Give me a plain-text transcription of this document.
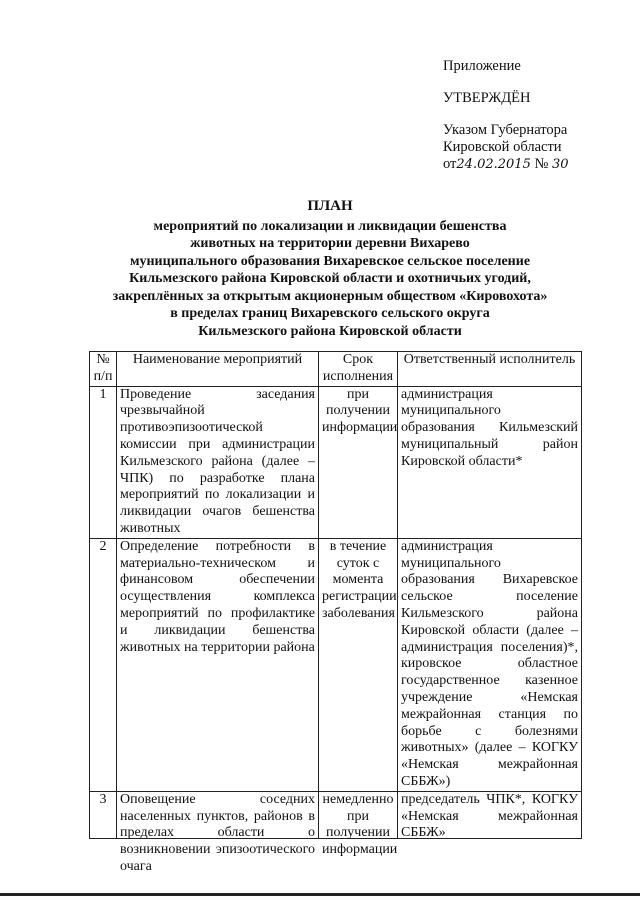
Приложение
УТВЕРЖДЁН
Указом Губернатора
Кировской области
от24.02.2015 № 30
ПЛАН
мероприятий по локализации и ликвидации бешенства
животных на территории деревни Вихарево
муниципального образования Вихаревское сельское поселение
Кильмезского района Кировской области и охотничьих угодий,
закреплённых за открытым акционерным обществом «Кировохота»
в пределах границ Вихаревского сельского округа
Кильмезского района Кировской области
№ п/п	Наименование мероприятий	Срок исполнения	Ответственный исполнитель
1	Проведение заседания чрезвычайной противоэпизоотической комиссии при администрации Кильмезского района (далее – ЧПК) по разработке плана мероприятий по локализации и ликвидации очагов бешенства животных	при получении информации	администрация муниципального образования Кильмезский муниципальный район Кировской области*
2	Определение потребности в материально-техническом и финансовом обеспечении осуществления комплекса мероприятий по профилактике и ликвидации бешенства животных на территории района	в течение суток с момента регистрации заболевания	администрация муниципального образования Вихаревское сельское поселение Кильмезского района Кировской области (далее – администрация поселения)*, кировское областное государственное казенное учреждение «Немская межрайонная станция по борьбе с болезнями животных» (далее – КОГКУ «Немская межрайонная СББЖ»)
3	Оповещение соседних населенных пунктов, районов в пределах области о возникновении эпизоотического очага	немедленно при получении информации	председатель ЧПК*, КОГКУ «Немская межрайонная СББЖ»
